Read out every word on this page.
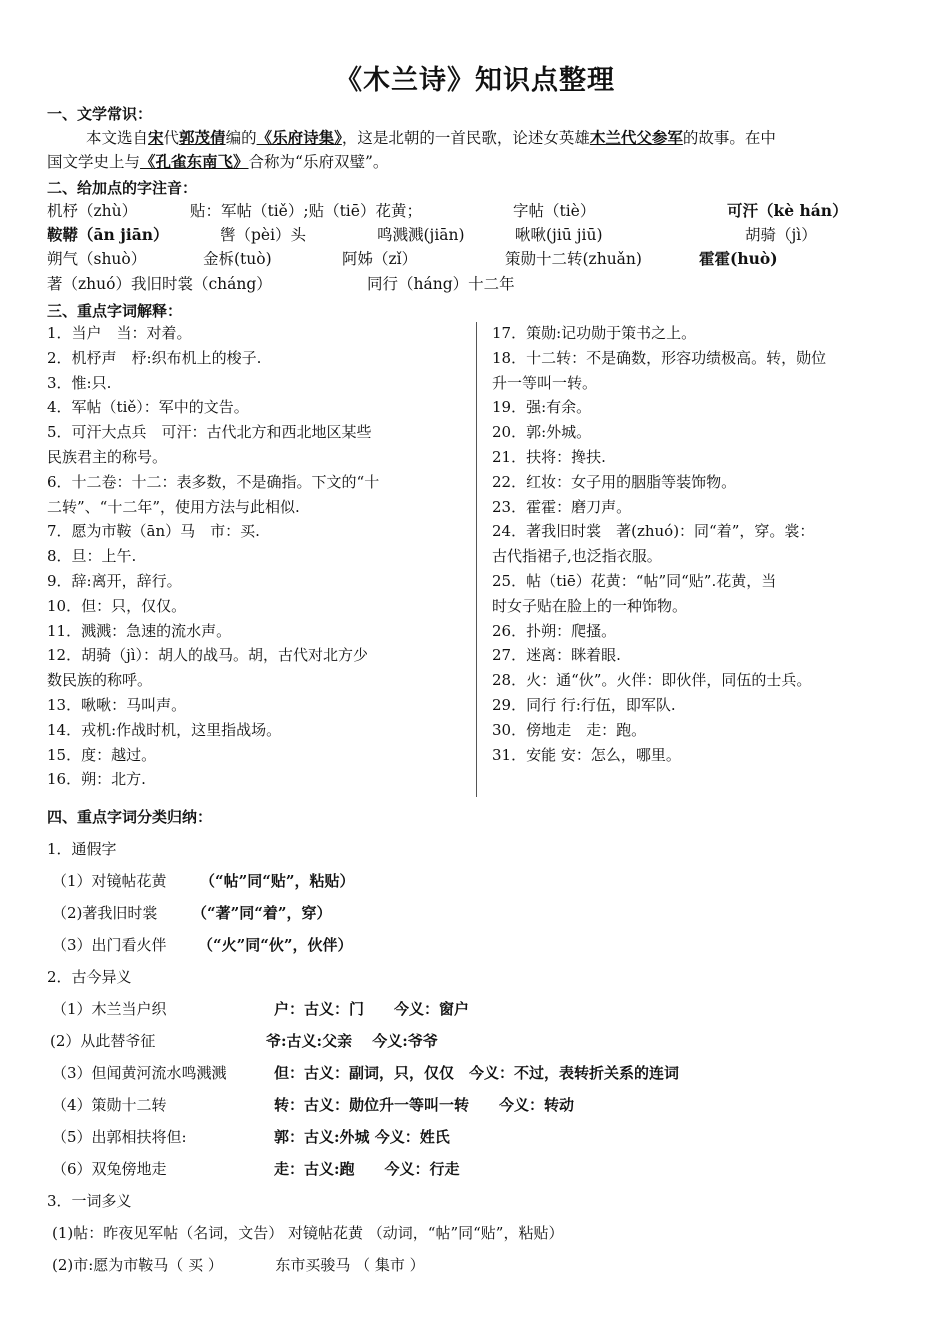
《木兰诗》知识点整理
一、文学常识：
本文选自宋代郭茂倩编的《乐府诗集》，这是北朝的一首民歌，论述女英雄木兰代父参军的故事。在中
国文学史上与《孔雀东南飞》合称为“乐府双璧”。
二、给加点的字注音：
机杼（zhù）	贴：军帖（tiě）;贴（tiē）花黄；	字帖（tiè）	可汗（kè hán）
鞍鞯（ān jiān）	辔（pèi）头	鸣溅溅(jiān)	啾啾(jiū jiū)	胡骑（jì）
朔气（shuò）	金柝(tuò)	阿姊（zǐ）	策勋十二转(zhuǎn)	霍霍(huò)
著（zhuó）我旧时裳（cháng）	同行（háng）十二年
三、重点字词解释：
1．当户　当：对着。
2．机杼声　杼:织布机上的梭子.
3．惟:只.
4．军帖（tiě）：军中的文告。
5．可汗大点兵　可汗：古代北方和西北地区某些
民族君主的称号。
6．十二卷：十二：表多数，不是确指。下文的“十
二转”、“十二年”，使用方法与此相似.
7．愿为市鞍（ān）马　市：买.
8．旦：上午.
9．辞:离开，辞行。
10．但：只，仅仅。
11．溅溅：急速的流水声。
12．胡骑（jì）：胡人的战马。胡，古代对北方少
数民族的称呼。
13．啾啾：马叫声。
14．戎机:作战时机，这里指战场。
15．度：越过。
16．朔：北方.
17．策勋:记功勋于策书之上。
18．十二转：不是确数，形容功绩极高。转，勋位
升一等叫一转。
19．强:有余。
20．郭:外城。
21．扶将：搀扶.
22．红妆：女子用的胭脂等装饰物。
23．霍霍：磨刀声。
24．著我旧时裳　著(zhuó)：同“着”，穿。裳：
古代指裙子,也泛指衣服。
25．帖（tiē）花黄：“帖”同“贴”.花黄，当
时女子贴在脸上的一种饰物。
26．扑朔：爬搔。
27．迷离：眯着眼.
28．火：通“伙”。火伴：即伙伴，同伍的士兵。
29．同行 行:行伍，即军队.
30．傍地走　走：跑。
31．安能 安：怎么，哪里。
四、重点字词分类归纳：
1．通假字
（1）对镜帖花黄 （“帖”同“贴”，粘贴）
（2)著我旧时裳 （“著”同“着”，穿）
（3）出门看火伴 （“火”同“伙”，伙伴）
2．古今异义
（1）木兰当户织	户：古义：门　　今义：窗户
(2）从此替爷征	爷:古义:父亲　 今义:爷爷
（3）但闻黄河流水鸣溅溅	但：古义：副词，只，仅仅　今义：不过，表转折关系的连词
（4）策勋十二转	转：古义：勋位升一等叫一转　　今义：转动
（5）出郭相扶将但:	郭：古义:外城 今义：姓氏
（6）双兔傍地走	走：古义:跑　　今义：行走
3．一词多义
(1)帖：昨夜见军帖（名词，文告） 对镜帖花黄 （动词，“帖”同“贴”，粘贴）
(2)市:愿为市鞍马（ 买 ）　　　　东市买骏马 （ 集市 ）
